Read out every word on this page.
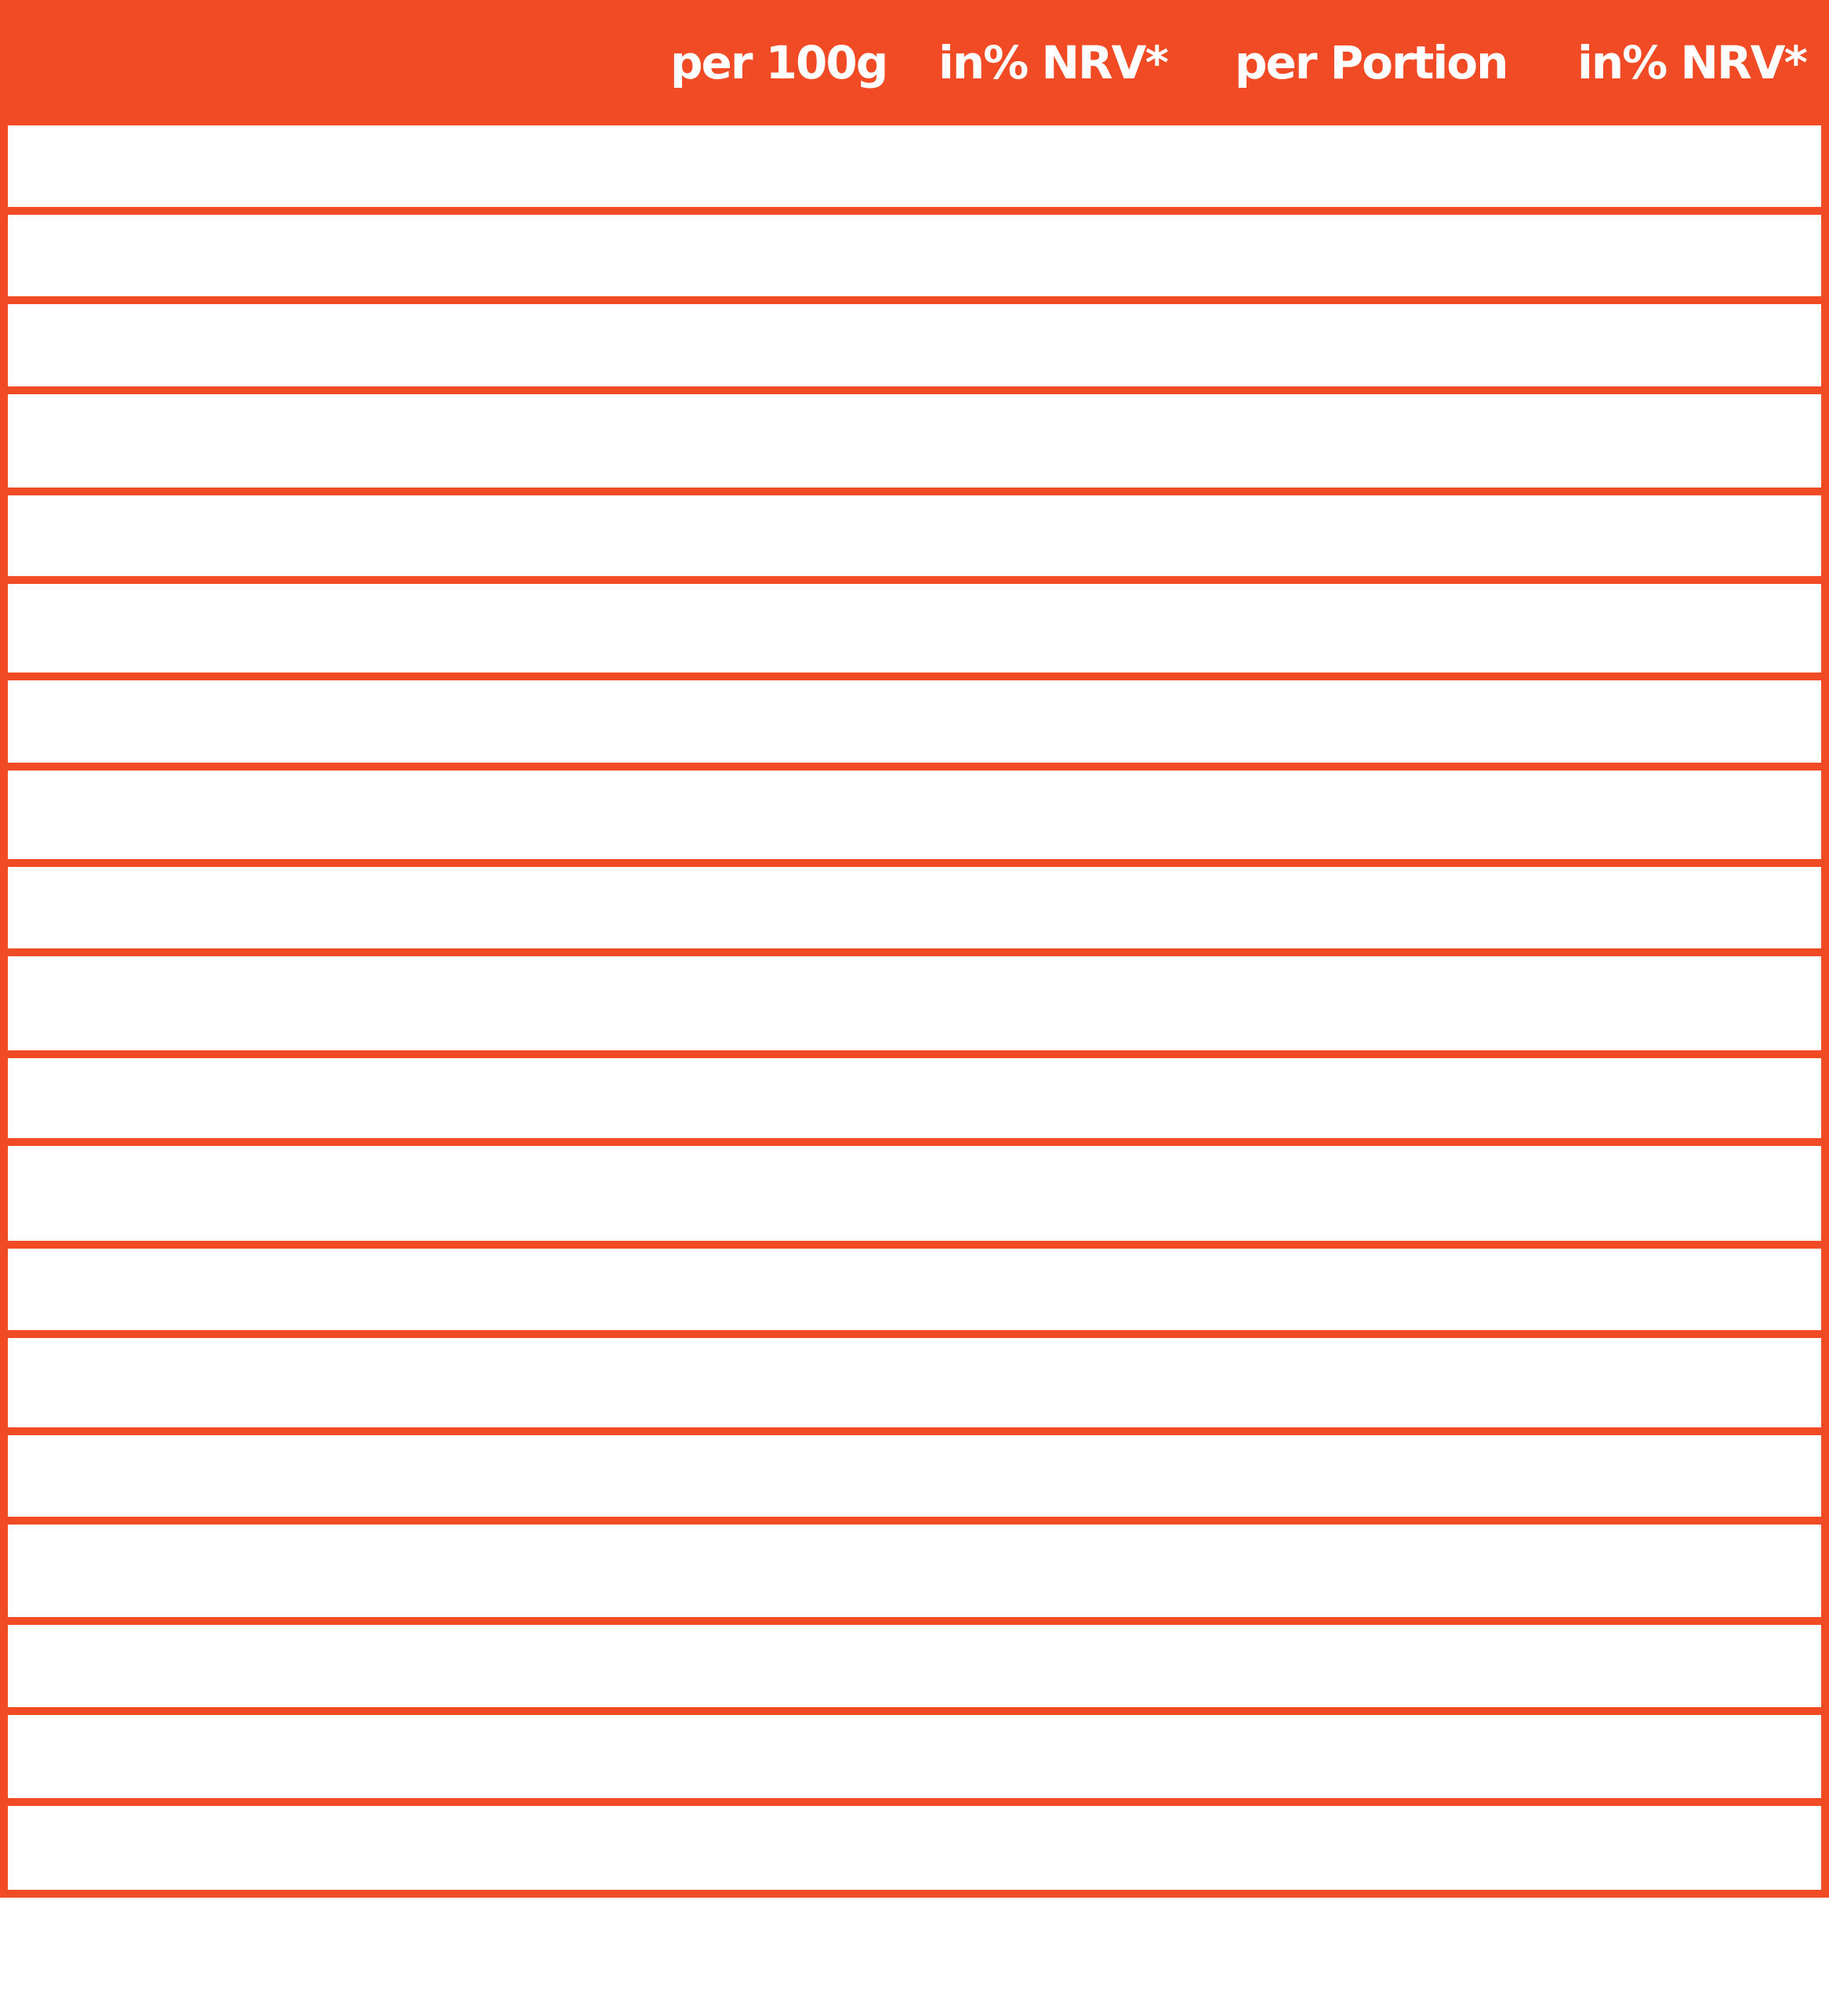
per 100g in% NRV* per Portion in% NRV*
